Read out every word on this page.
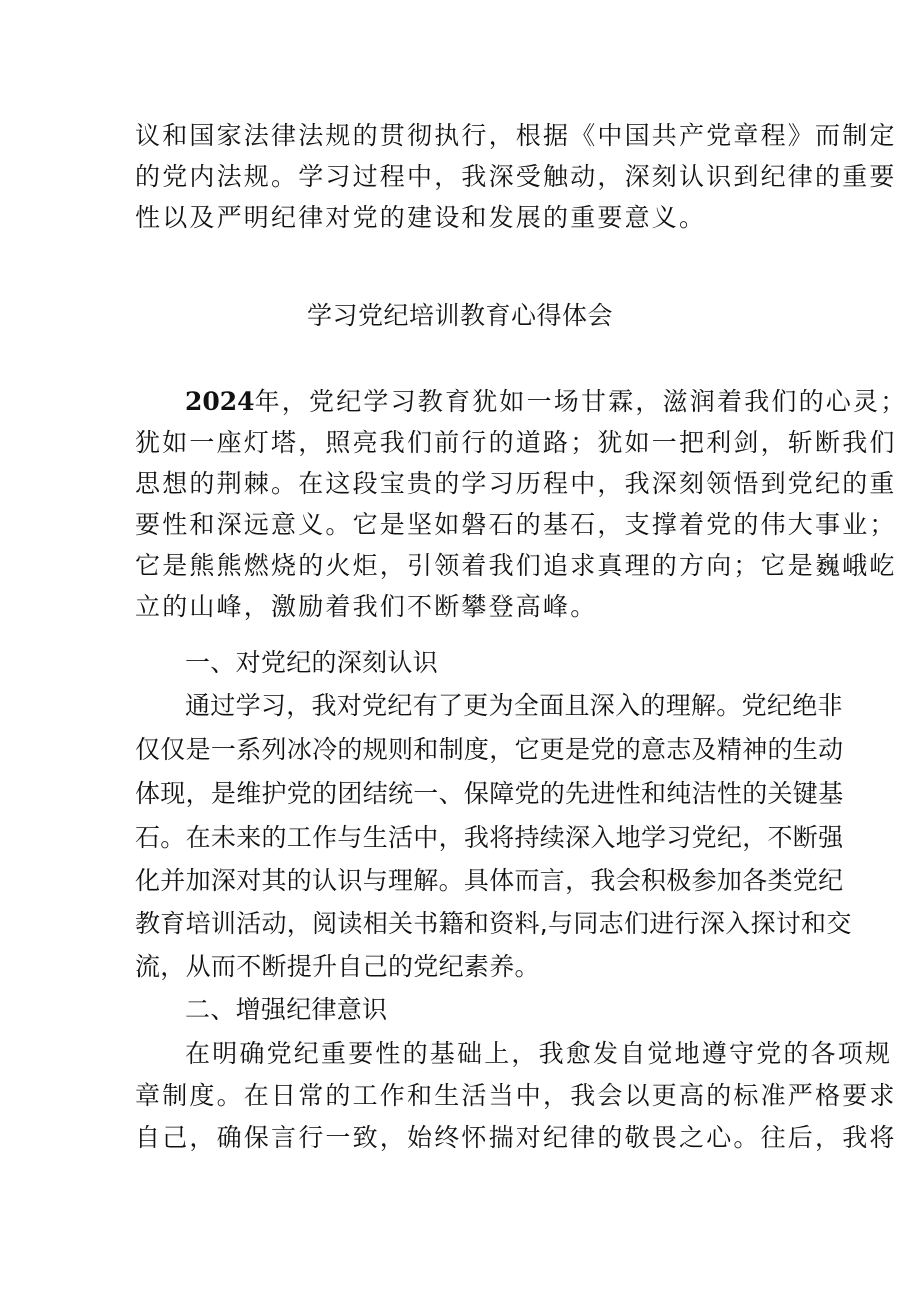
议和国家法律法规的贯彻执行，根据《中国共产党章程》而制定
的党内法规。学习过程中，我深受触动，深刻认识到纪律的重要
性以及严明纪律对党的建设和发展的重要意义。
学习党纪培训教育心得体会
2024年，党纪学习教育犹如一场甘霖，滋润着我们的心灵；
犹如一座灯塔，照亮我们前行的道路；犹如一把利剑，斩断我们
思想的荆棘。在这段宝贵的学习历程中，我深刻领悟到党纪的重
要性和深远意义。它是坚如磐石的基石，支撑着党的伟大事业；
它是熊熊燃烧的火炬，引领着我们追求真理的方向；它是巍峨屹
立的山峰，激励着我们不断攀登高峰。
一、对党纪的深刻认识
通过学习，我对党纪有了更为全面且深入的理解。党纪绝非
仅仅是一系列冰冷的规则和制度，它更是党的意志及精神的生动
体现，是维护党的团结统一、保障党的先进性和纯洁性的关键基
石。在未来的工作与生活中，我将持续深入地学习党纪，不断强
化并加深对其的认识与理解。具体而言，我会积极参加各类党纪
教育培训活动，阅读相关书籍和资料,与同志们进行深入探讨和交
流，从而不断提升自己的党纪素养。
二、增强纪律意识
在明确党纪重要性的基础上，我愈发自觉地遵守党的各项规
章制度。在日常的工作和生活当中，我会以更高的标准严格要求
自己，确保言行一致，始终怀揣对纪律的敬畏之心。往后，我将
